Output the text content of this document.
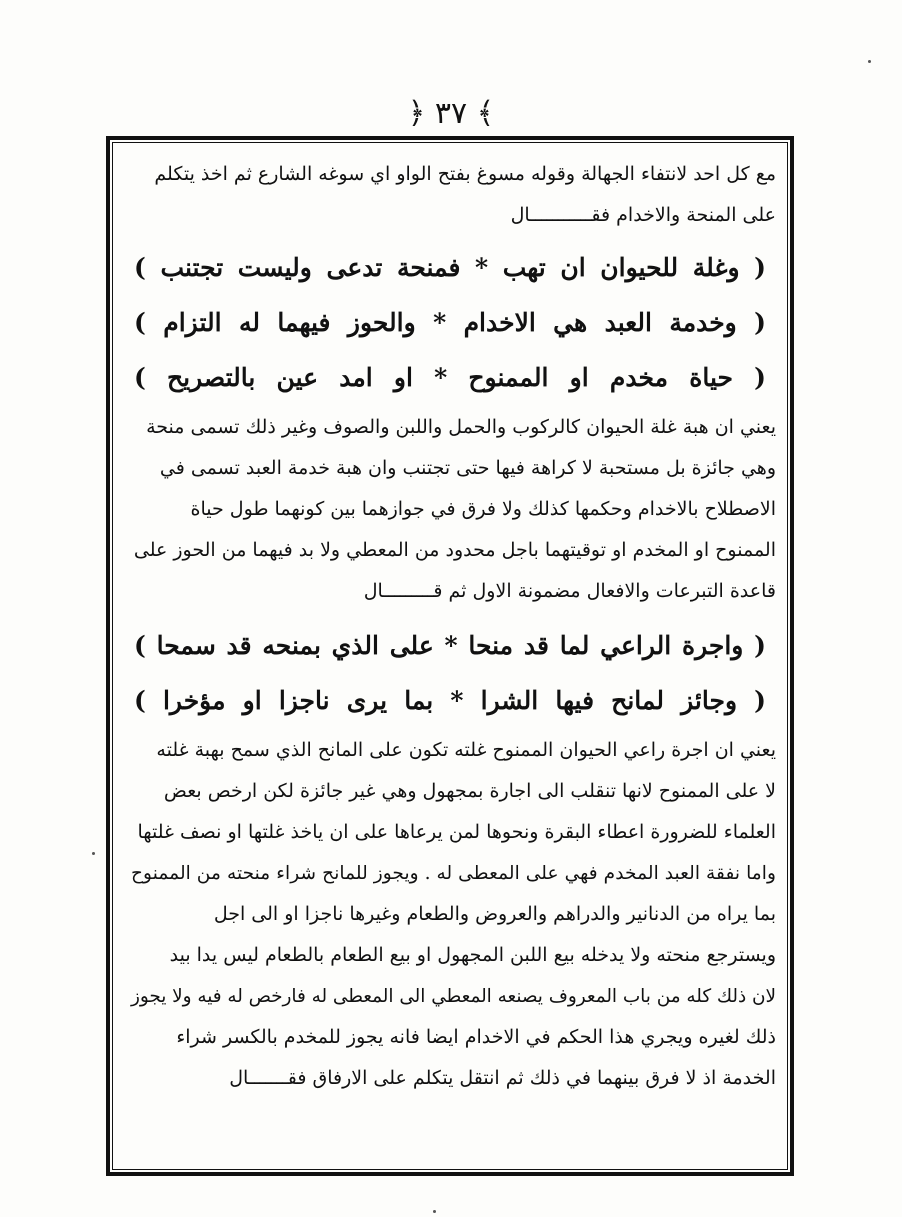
﴾ ٣٧ ﴿
مع كل احد لانتفاء الجهالة وقوله مسوغ بفتح الواو اي سوغه الشارع ثم اخذ يتكلم
على المنحة والاخدام فقـــــــــــال
( وغلة للحيوان ان تهب * فمنحة تدعى وليست تجتنب )
( وخدمة العبد هي الاخدام * والحوز فيهما له التزام )
( حياة مخدم او الممنوح * او امد عين بالتصريح )
يعني ان هبة غلة الحيوان كالركوب والحمل واللبن والصوف وغير ذلك تسمى منحة
وهي جائزة بل مستحبة لا كراهة فيها حتى تجتنب وان هبة خدمة العبد تسمى في
الاصطلاح بالاخدام وحكمها كذلك ولا فرق في جوازهما بين كونهما طول حياة
الممنوح او المخدم او توقيتهما باجل محدود من المعطي ولا بد فيهما من الحوز على
قاعدة التبرعات والافعال مضمونة الاول ثم قـــــــــال
( واجرة الراعي لما قد منحا * على الذي بمنحه قد سمحا )
( وجائز لمانح فيها الشرا * بما يرى ناجزا او مؤخرا )
يعني ان اجرة راعي الحيوان الممنوح غلته تكون على المانح الذي سمح بهبة غلته
لا على الممنوح لانها تنقلب الى اجارة بمجهول وهي غير جائزة لكن ارخص بعض
العلماء للضرورة اعطاء البقرة ونحوها لمن يرعاها على ان ياخذ غلتها او نصف غلتها
واما نفقة العبد المخدم فهي على المعطى له . ويجوز للمانح شراء منحته من الممنوح
بما يراه من الدنانير والدراهم والعروض والطعام وغيرها ناجزا او الى اجل
ويسترجع منحته ولا يدخله بيع اللبن المجهول او بيع الطعام بالطعام ليس يدا بيد
لان ذلك كله من باب المعروف يصنعه المعطي الى المعطى له فارخص له فيه ولا يجوز
ذلك لغيره ويجري هذا الحكم في الاخدام ايضا فانه يجوز للمخدم بالكسر شراء
الخدمة اذ لا فرق بينهما في ذلك ثم انتقل يتكلم على الارفاق فقـــــــال
